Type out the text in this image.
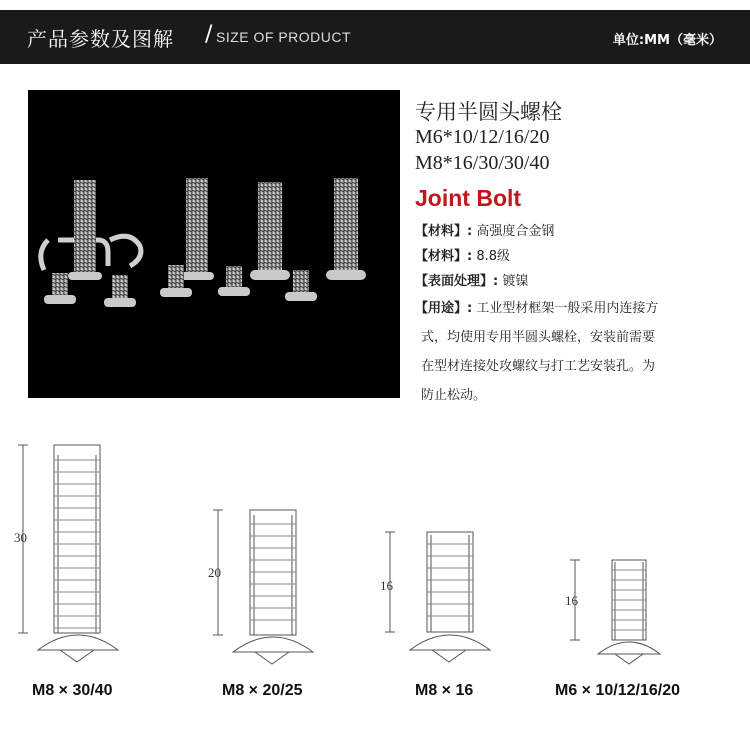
产品参数及图解 / SIZE OF PRODUCT	单位:MM（毫米）
专用半圆头螺栓
M6*10/12/16/20
M8*16/30/30/40
Joint Bolt
【材料】: 高强度合金钢
【材料】: 8.8级
【表面处理】: 镀镍
【用途】: 工业型材框架一般采用内连接方
式，均使用专用半圆头螺栓，安装前需要
在型材连接处攻螺纹与打工艺安装孔。为
防止松动。
30
20
16
16
M8 × 30/40	M8 × 20/25	M8 × 16	M6 × 10/12/16/20
